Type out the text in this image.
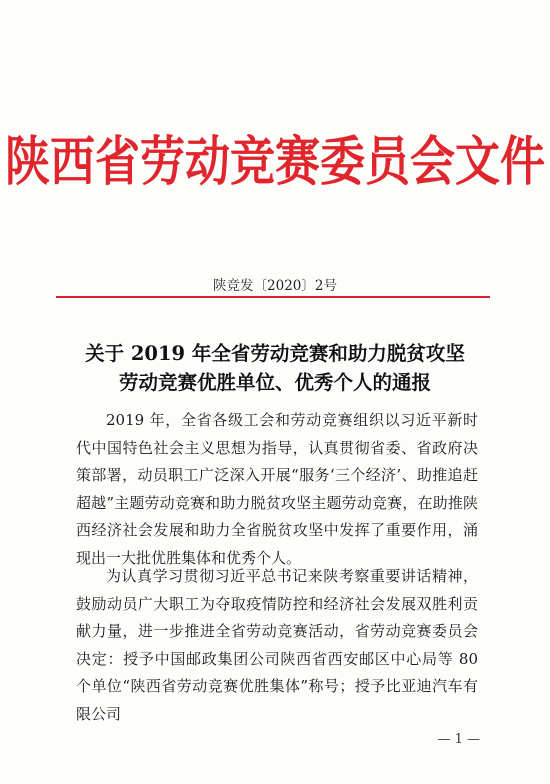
陕西省劳动竞赛委员会文件
陕竞发〔2020〕2号
关于 2019 年全省劳动竞赛和助力脱贫攻坚
劳动竞赛优胜单位、优秀个人的通报

2019 年，全省各级工会和劳动竞赛组织以习近平新时代中国特色社会主义思想为指导，认真贯彻省委、省政府决策部署，动员职工广泛深入开展“服务‘三个经济’、助推追赶超越”主题劳动竞赛和助力脱贫攻坚主题劳动竞赛，在助推陕西经济社会发展和助力全省脱贫攻坚中发挥了重要作用，涌现出一大批优胜集体和优秀个人。

为认真学习贯彻习近平总书记来陕考察重要讲话精神，鼓励动员广大职工为夺取疫情防控和经济社会发展双胜利贡献力量，进一步推进全省劳动竞赛活动，省劳动竞赛委员会决定：授予中国邮政集团公司陕西省西安邮区中心局等 80 个单位“陕西省劳动竞赛优胜集体”称号；授予比亚迪汽车有限公司

— 1 —
